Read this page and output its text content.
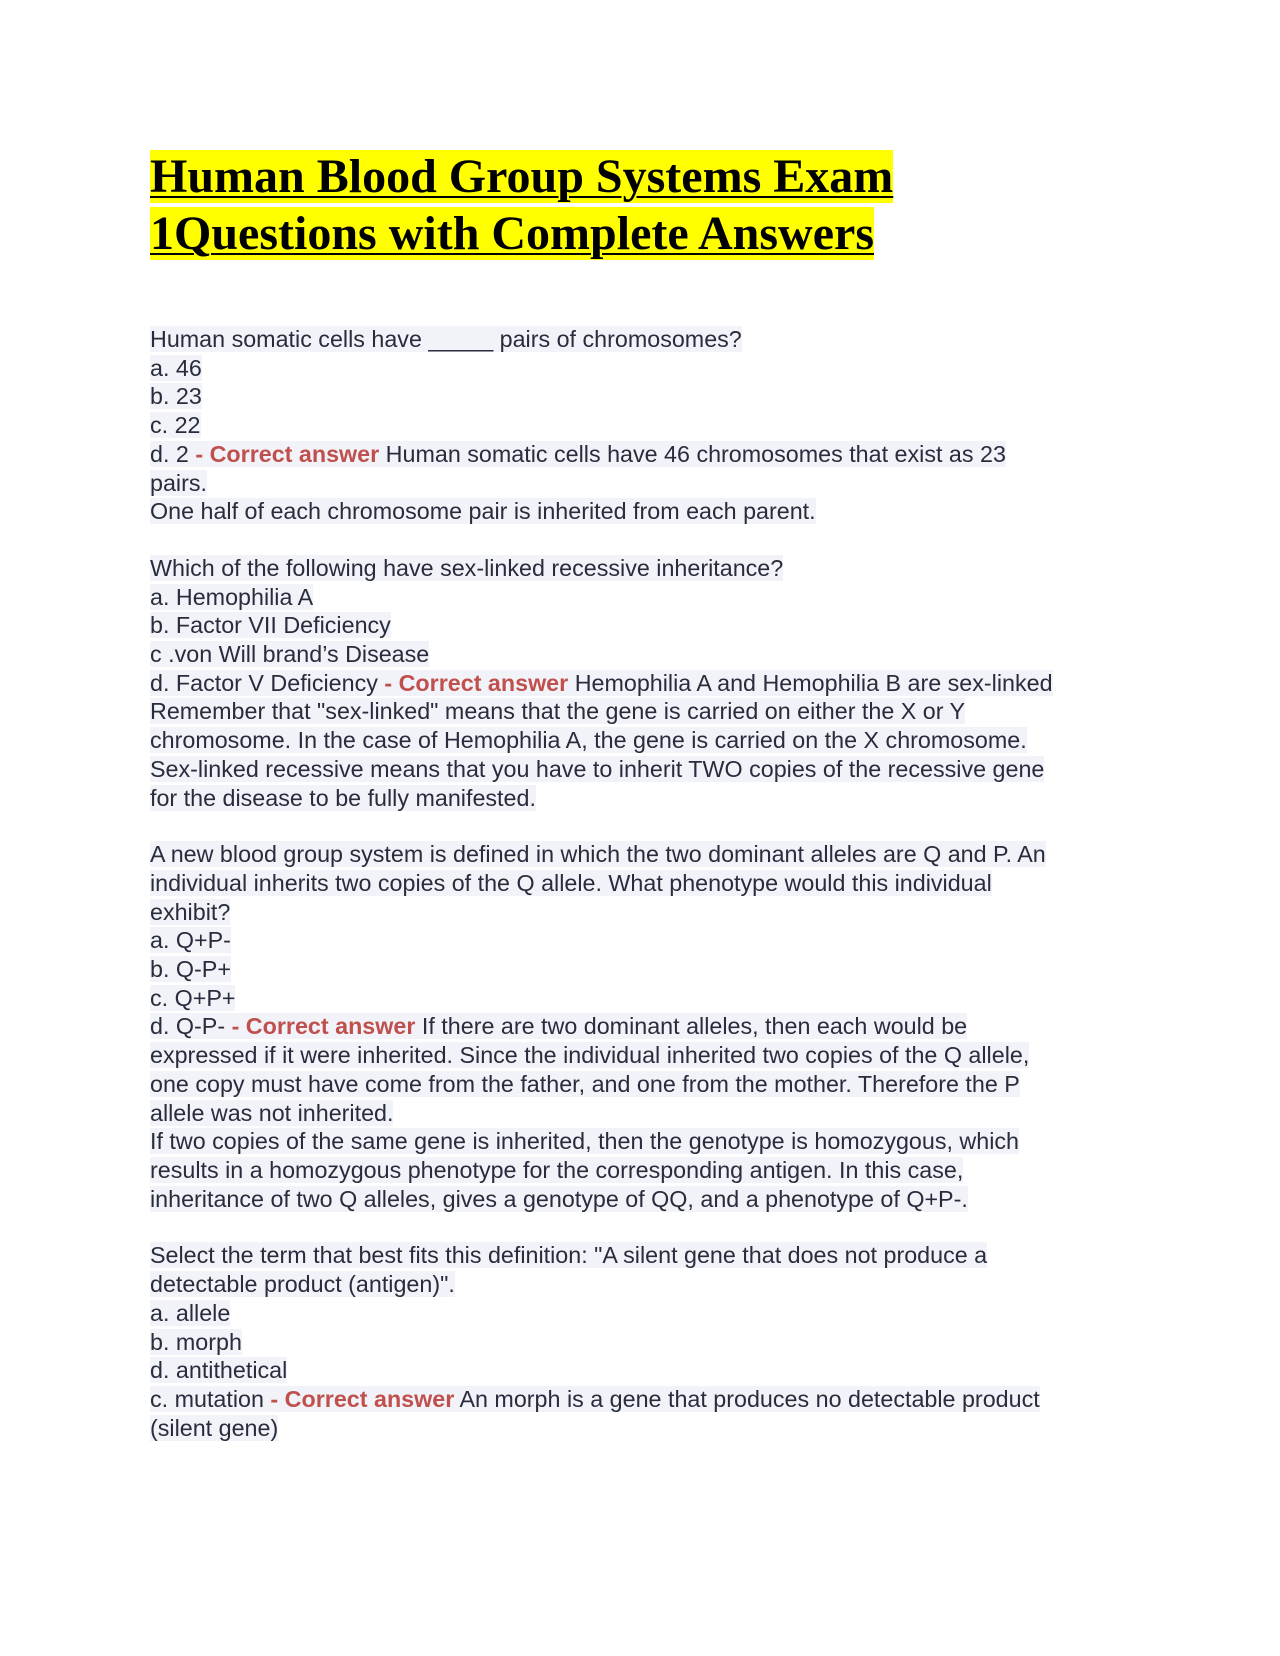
Human Blood Group Systems Exam
1Questions with Complete Answers
Human somatic cells have _____ pairs of chromosomes?
a. 46
b. 23
c. 22
d. 2 - Correct answer Human somatic cells have 46 chromosomes that exist as 23
pairs.
One half of each chromosome pair is inherited from each parent.
Which of the following have sex-linked recessive inheritance?
a. Hemophilia A
b. Factor VII Deficiency
c .von Will brand’s Disease
d. Factor V Deficiency - Correct answer Hemophilia A and Hemophilia B are sex-linked
Remember that "sex-linked" means that the gene is carried on either the X or Y
chromosome. In the case of Hemophilia A, the gene is carried on the X chromosome.
Sex-linked recessive means that you have to inherit TWO copies of the recessive gene
for the disease to be fully manifested.
A new blood group system is defined in which the two dominant alleles are Q and P. An
individual inherits two copies of the Q allele. What phenotype would this individual
exhibit?
a. Q+P-
b. Q-P+
c. Q+P+
d. Q-P- - Correct answer If there are two dominant alleles, then each would be
expressed if it were inherited. Since the individual inherited two copies of the Q allele,
one copy must have come from the father, and one from the mother. Therefore the P
allele was not inherited.
If two copies of the same gene is inherited, then the genotype is homozygous, which
results in a homozygous phenotype for the corresponding antigen. In this case,
inheritance of two Q alleles, gives a genotype of QQ, and a phenotype of Q+P-.
Select the term that best fits this definition: "A silent gene that does not produce a
detectable product (antigen)".
a. allele
b. morph
d. antithetical
c. mutation - Correct answer An morph is a gene that produces no detectable product
(silent gene)
